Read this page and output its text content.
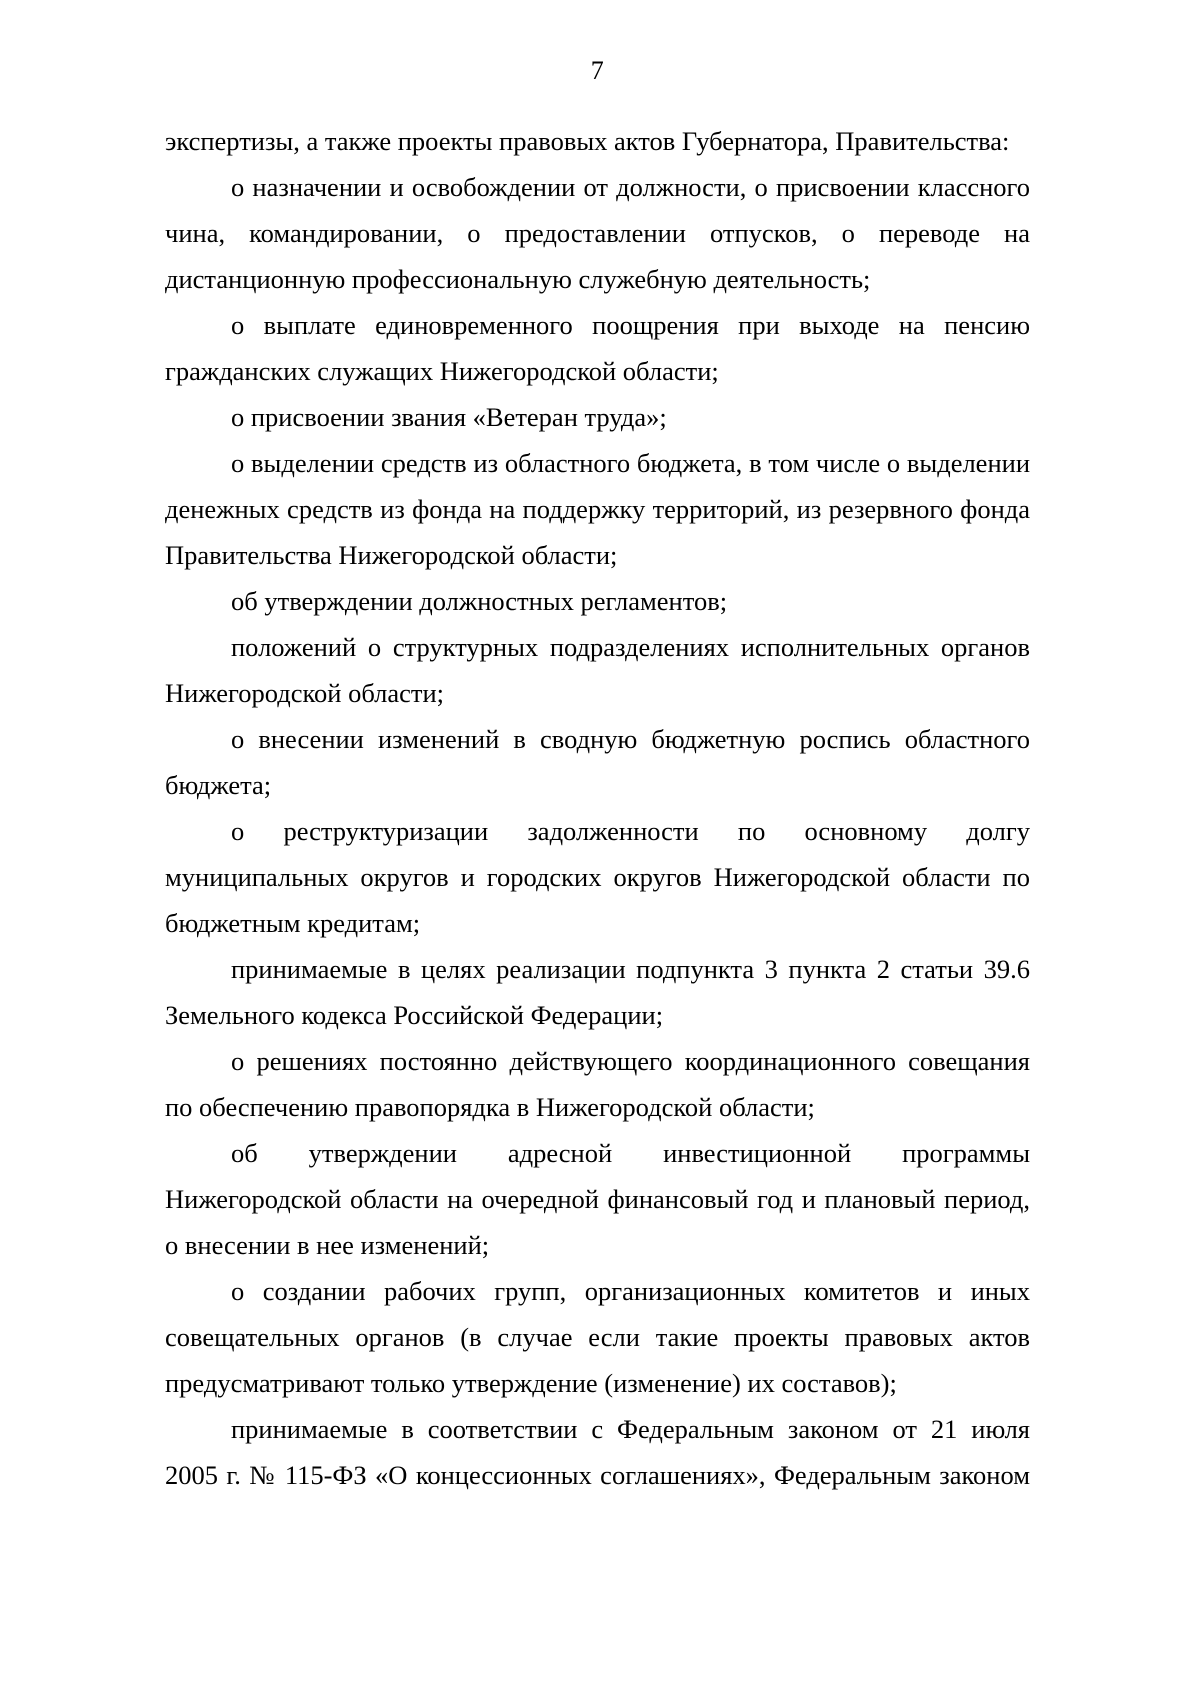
7

экспертизы, а также проекты правовых актов Губернатора, Правительства:

о назначении и освобождении от должности, о присвоении классного чина, командировании, о предоставлении отпусков, о переводе на дистанционную профессиональную служебную деятельность;

о выплате единовременного поощрения при выходе на пенсию гражданских служащих Нижегородской области;

о присвоении звания «Ветеран труда»;

о выделении средств из областного бюджета, в том числе о выделении денежных средств из фонда на поддержку территорий, из резервного фонда Правительства Нижегородской области;

об утверждении должностных регламентов;

положений о структурных подразделениях исполнительных органов Нижегородской области;

о внесении изменений в сводную бюджетную роспись областного бюджета;

о реструктуризации задолженности по основному долгу муниципальных округов и городских округов Нижегородской области по бюджетным кредитам;

принимаемые в целях реализации подпункта 3 пункта 2 статьи 39.6 Земельного кодекса Российской Федерации;

о решениях постоянно действующего координационного совещания по обеспечению правопорядка в Нижегородской области;

об утверждении адресной инвестиционной программы Нижегородской области на очередной финансовый год и плановый период, о внесении в нее изменений;

о создании рабочих групп, организационных комитетов и иных совещательных органов (в случае если такие проекты правовых актов предусматривают только утверждение (изменение) их составов);

принимаемые в соответствии с Федеральным законом от 21 июля 2005 г. № 115-ФЗ «О концессионных соглашениях», Федеральным законом
